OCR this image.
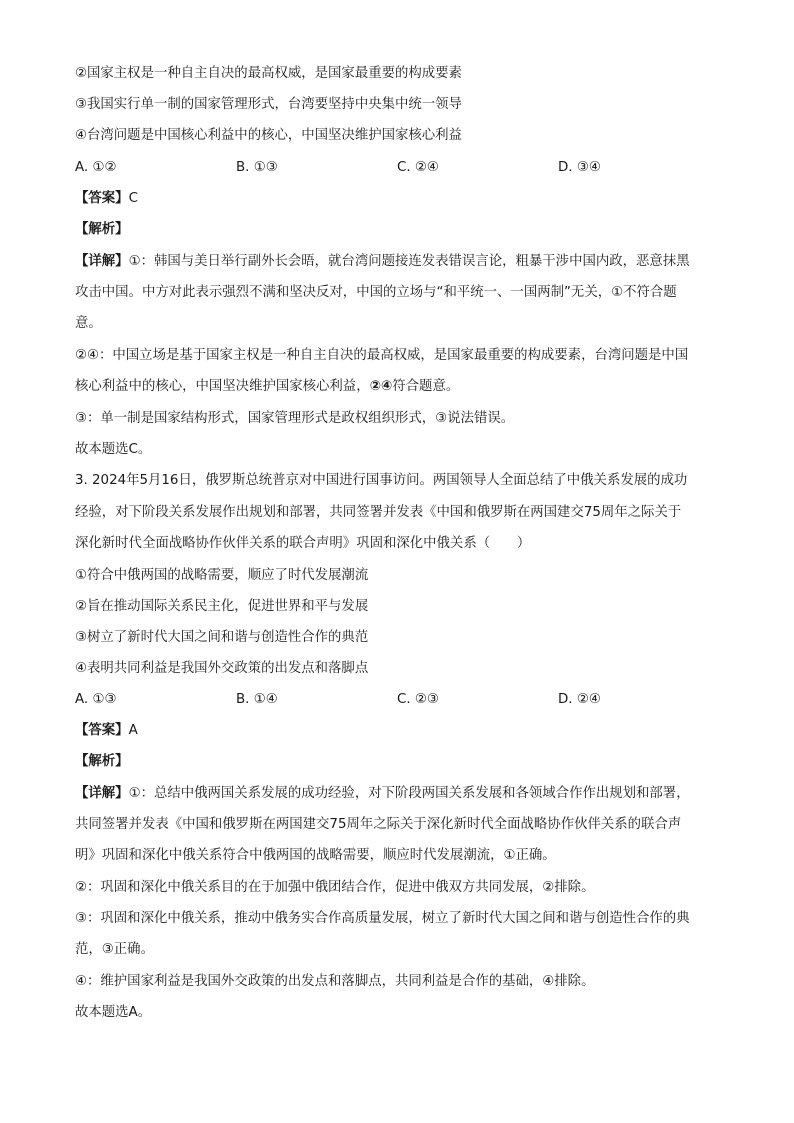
②国家主权是一种自主自决的最高权威，是国家最重要的构成要素
③我国实行单一制的国家管理形式，台湾要坚持中央集中统一领导
④台湾问题是中国核心利益中的核心，中国坚决维护国家核心利益
A. ①②	B. ①③	C. ②④	D. ③④
【答案】C
【解析】
【详解】①：韩国与美日举行副外长会晤，就台湾问题接连发表错误言论，粗暴干涉中国内政，恶意抹黑
攻击中国。中方对此表示强烈不满和坚决反对，中国的立场与“和平统一、一国两制”无关，①不符合题
意。
②④：中国立场是基于国家主权是一种自主自决的最高权威，是国家最重要的构成要素，台湾问题是中国
核心利益中的核心，中国坚决维护国家核心利益，②④符合题意。
③：单一制是国家结构形式，国家管理形式是政权组织形式，③说法错误。
故本题选C。
3. 2024年5月16日，俄罗斯总统普京对中国进行国事访问。两国领导人全面总结了中俄关系发展的成功
经验，对下阶段关系发展作出规划和部署，共同签署并发表《中国和俄罗斯在两国建交75周年之际关于
深化新时代全面战略协作伙伴关系的联合声明》巩固和深化中俄关系（　　）
①符合中俄两国的战略需要，顺应了时代发展潮流
②旨在推动国际关系民主化，促进世界和平与发展
③树立了新时代大国之间和谐与创造性合作的典范
④表明共同利益是我国外交政策的出发点和落脚点
A. ①③	B. ①④	C. ②③	D. ②④
【答案】A
【解析】
【详解】①：总结中俄两国关系发展的成功经验，对下阶段两国关系发展和各领域合作作出规划和部署，
共同签署并发表《中国和俄罗斯在两国建交75周年之际关于深化新时代全面战略协作伙伴关系的联合声
明》巩固和深化中俄关系符合中俄两国的战略需要，顺应时代发展潮流，①正确。
②：巩固和深化中俄关系目的在于加强中俄团结合作，促进中俄双方共同发展，②排除。
③：巩固和深化中俄关系，推动中俄务实合作高质量发展，树立了新时代大国之间和谐与创造性合作的典
范，③正确。
④：维护国家利益是我国外交政策的出发点和落脚点，共同利益是合作的基础，④排除。
故本题选A。
